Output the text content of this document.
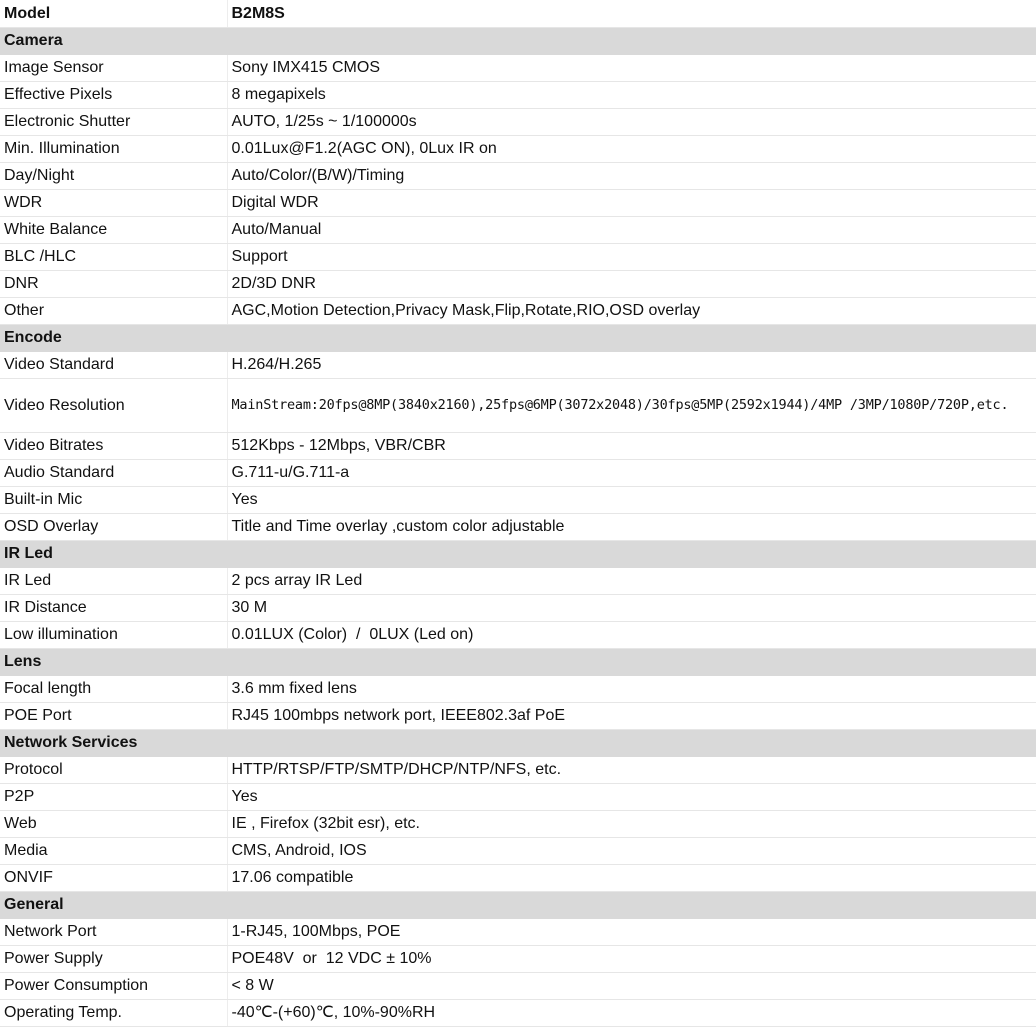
Model	B2M8S
Camera	
Image Sensor	Sony IMX415 CMOS
Effective Pixels	8 megapixels
Electronic Shutter	AUTO, 1/25s ~ 1/100000s
Min. Illumination	0.01Lux@F1.2(AGC ON), 0Lux IR on
Day/Night	Auto/Color/(B/W)/Timing
WDR	Digital WDR
White Balance	Auto/Manual
BLC /HLC	Support
DNR	2D/3D DNR
Other	AGC,Motion Detection,Privacy Mask,Flip,Rotate,RIO,OSD overlay
Encode	
Video Standard	H.264/H.265
Video Resolution	MainStream:20fps@8MP(3840x2160),25fps@6MP(3072x2048)/30fps@5MP(2592x1944)/4MP /3MP/1080P/720P,etc.
Video Bitrates	512Kbps - 12Mbps, VBR/CBR
Audio Standard	G.711-u/G.711-a
Built-in Mic	Yes
OSD Overlay	Title and Time overlay ,custom color adjustable
IR Led	
IR Led	2 pcs array IR Led
IR Distance	30 M
Low illumination	0.01LUX (Color)  /  0LUX (Led on)
Lens	
Focal length	3.6 mm fixed lens
POE Port	RJ45 100mbps network port, IEEE802.3af PoE
Network Services	
Protocol	HTTP/RTSP/FTP/SMTP/DHCP/NTP/NFS, etc.
P2P	Yes
Web	IE , Firefox (32bit esr), etc.
Media	CMS, Android, IOS
ONVIF	17.06 compatible
General	
Network Port	1-RJ45, 100Mbps, POE
Power Supply	POE48V  or  12 VDC ± 10%
Power Consumption	< 8 W
Operating Temp.	-40℃-(+60)℃, 10%-90%RH
